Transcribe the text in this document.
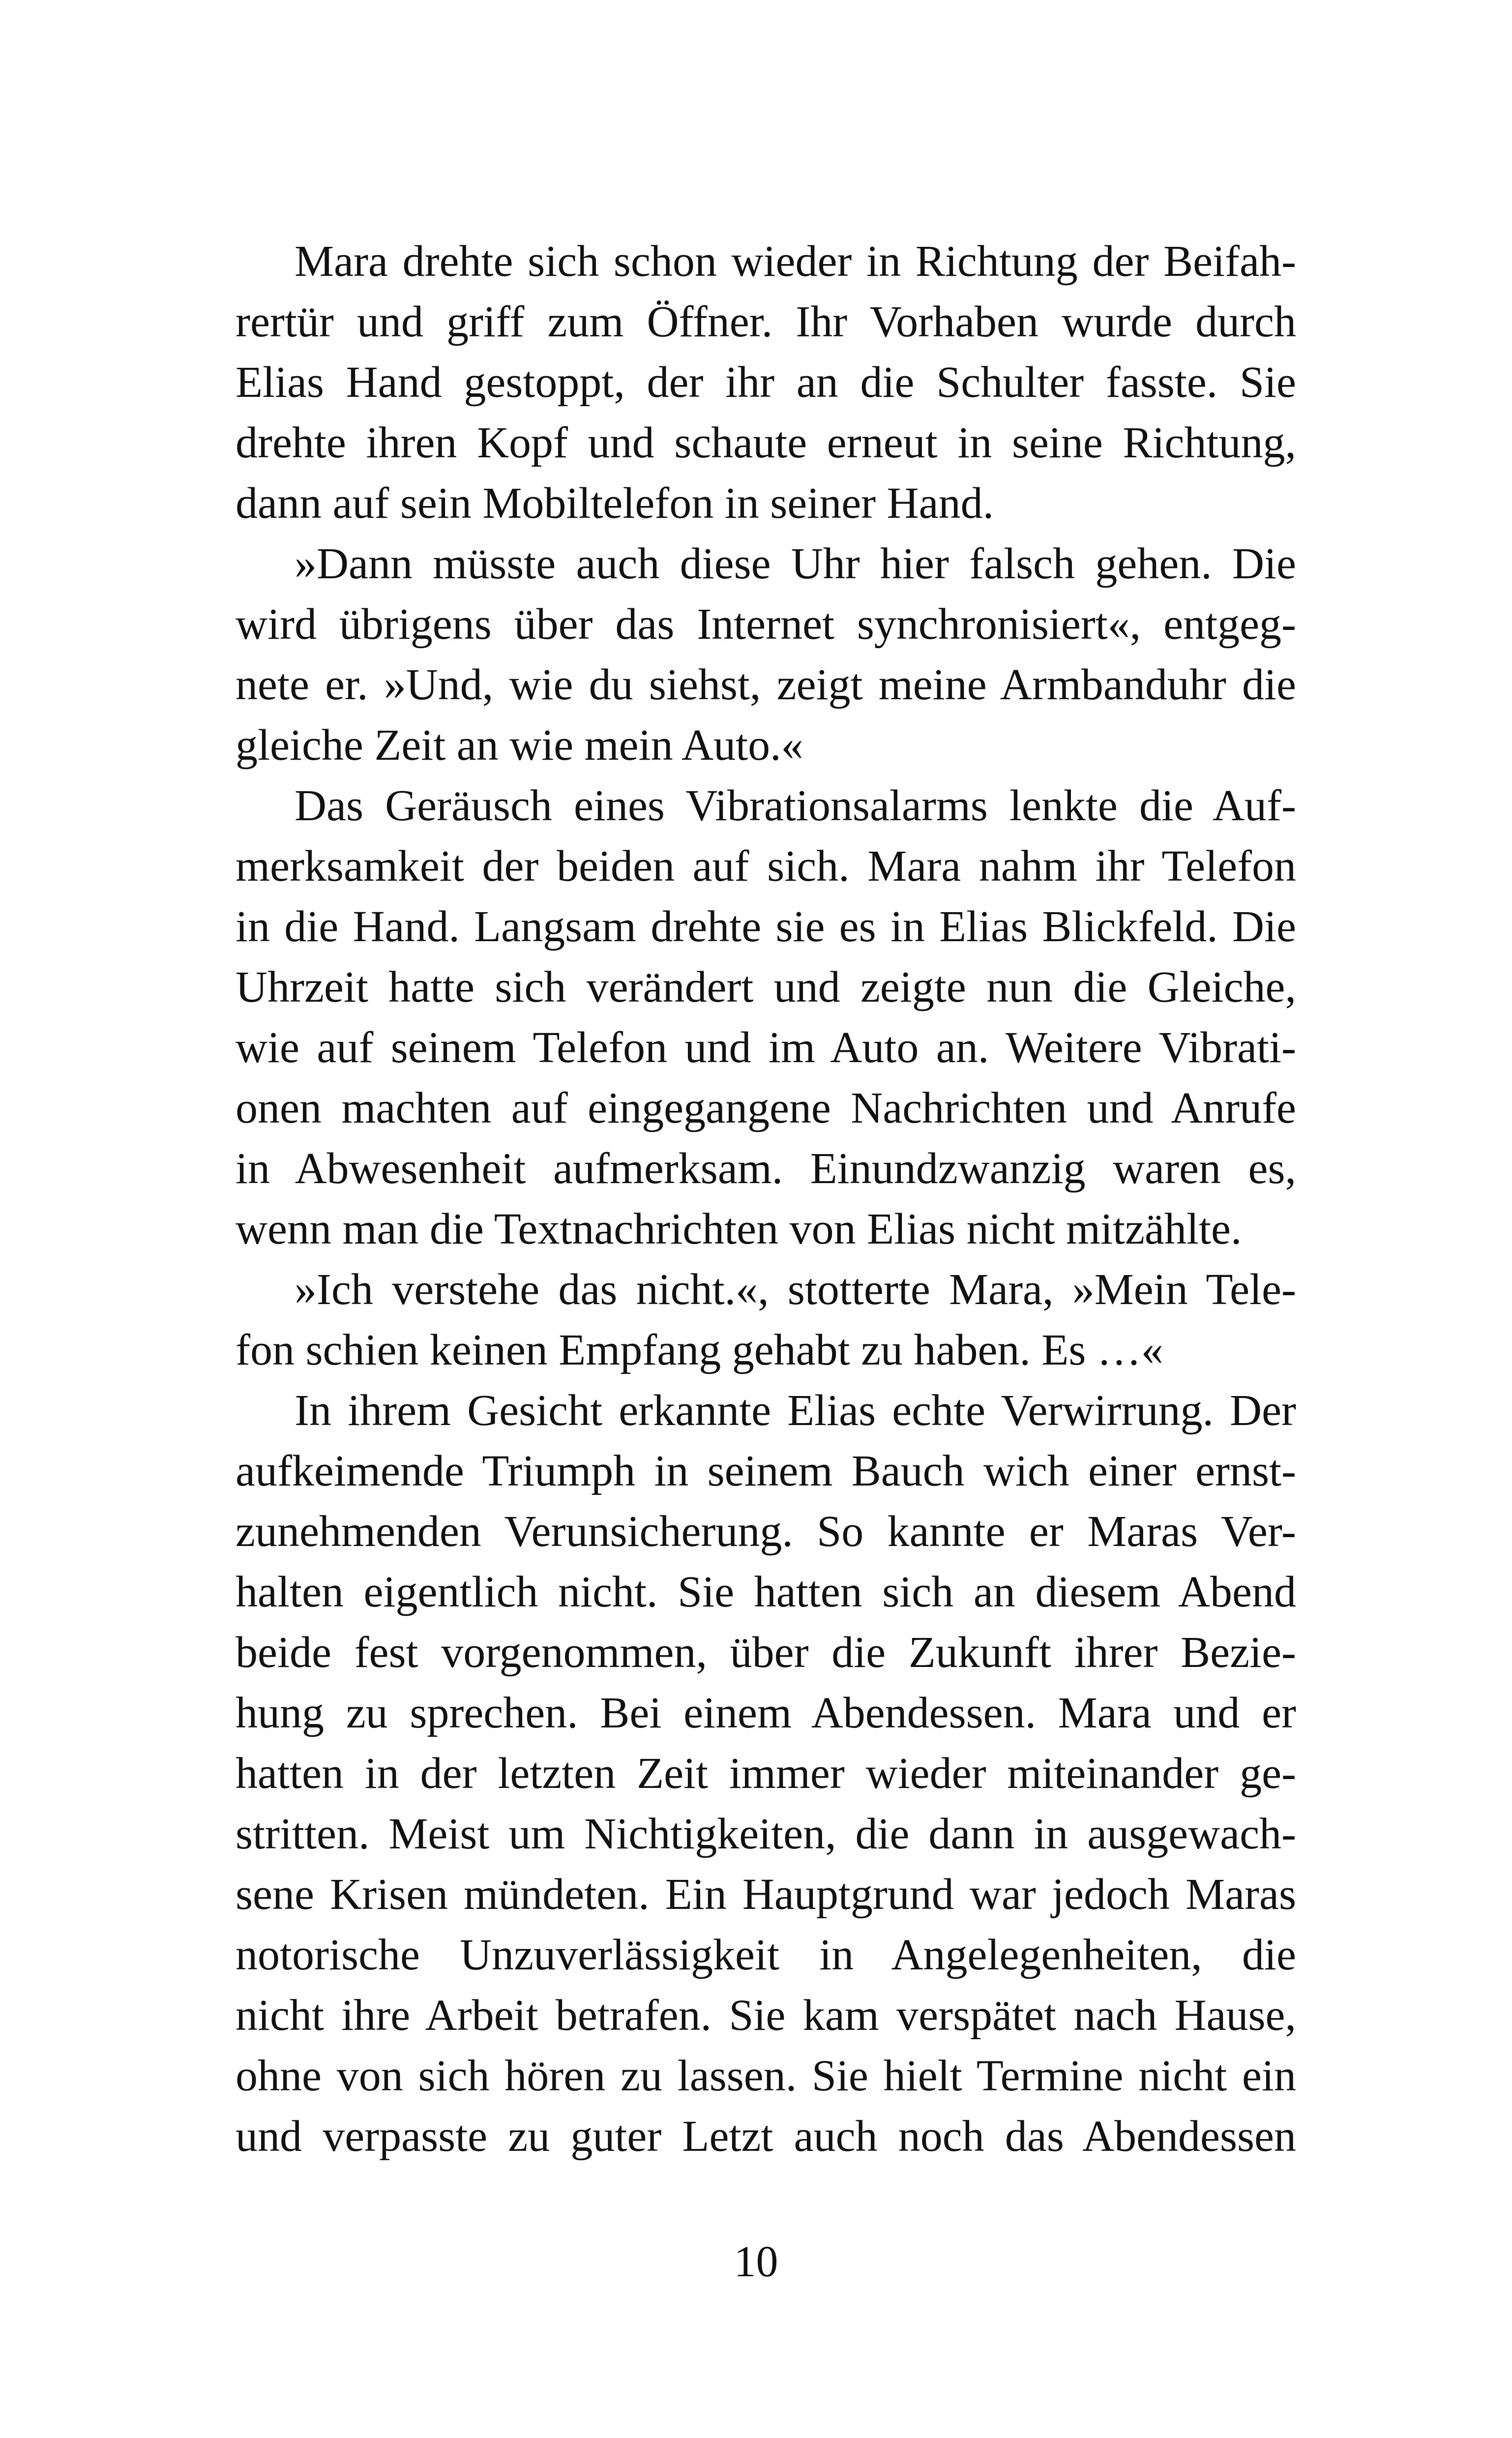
Mara drehte sich schon wieder in Richtung der Beifah-
rertür und griff zum Öffner. Ihr Vorhaben wurde durch
Elias Hand gestoppt, der ihr an die Schulter fasste. Sie
drehte ihren Kopf und schaute erneut in seine Richtung,
dann auf sein Mobiltelefon in seiner Hand.
»Dann müsste auch diese Uhr hier falsch gehen. Die
wird übrigens über das Internet synchronisiert«, entgeg-
nete er. »Und, wie du siehst, zeigt meine Armbanduhr die
gleiche Zeit an wie mein Auto.«
Das Geräusch eines Vibrationsalarms lenkte die Auf-
merksamkeit der beiden auf sich. Mara nahm ihr Telefon
in die Hand. Langsam drehte sie es in Elias Blickfeld. Die
Uhrzeit hatte sich verändert und zeigte nun die Gleiche,
wie auf seinem Telefon und im Auto an. Weitere Vibrati-
onen machten auf eingegangene Nachrichten und Anrufe
in Abwesenheit aufmerksam. Einundzwanzig waren es,
wenn man die Textnachrichten von Elias nicht mitzählte.
»Ich verstehe das nicht.«, stotterte Mara, »Mein Tele-
fon schien keinen Empfang gehabt zu haben. Es …«
In ihrem Gesicht erkannte Elias echte Verwirrung. Der
aufkeimende Triumph in seinem Bauch wich einer ernst-
zunehmenden Verunsicherung. So kannte er Maras Ver-
halten eigentlich nicht. Sie hatten sich an diesem Abend
beide fest vorgenommen, über die Zukunft ihrer Bezie-
hung zu sprechen. Bei einem Abendessen. Mara und er
hatten in der letzten Zeit immer wieder miteinander ge-
stritten. Meist um Nichtigkeiten, die dann in ausgewach-
sene Krisen mündeten. Ein Hauptgrund war jedoch Maras
notorische Unzuverlässigkeit in Angelegenheiten, die
nicht ihre Arbeit betrafen. Sie kam verspätet nach Hause,
ohne von sich hören zu lassen. Sie hielt Termine nicht ein
und verpasste zu guter Letzt auch noch das Abendessen
10
